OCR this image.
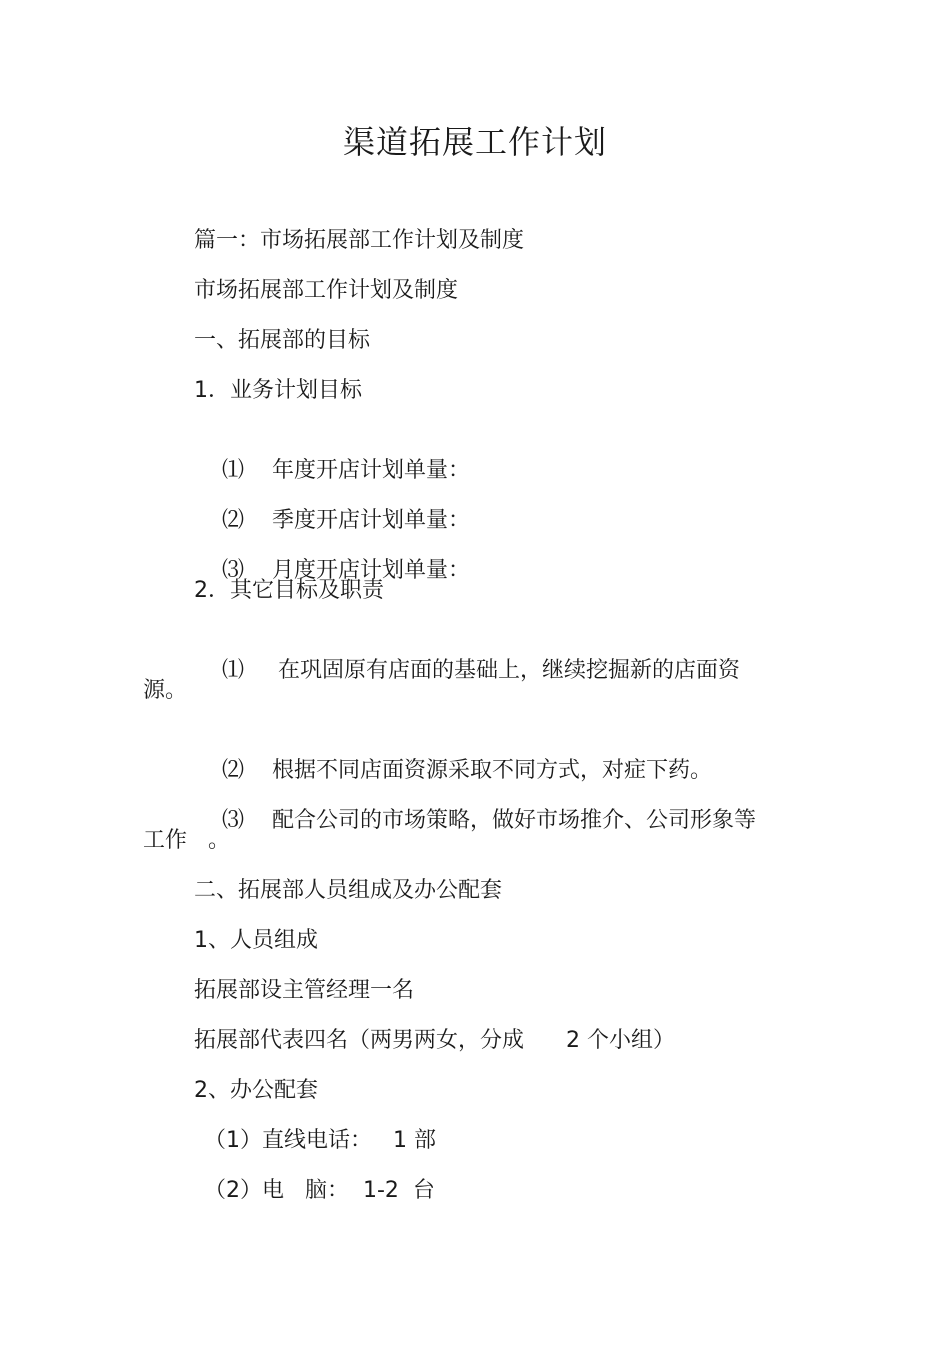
渠道拓展工作计划

篇一：市场拓展部工作计划及制度

市场拓展部工作计划及制度

一、拓展部的目标

1．业务计划目标

⑴ 年度开店计划单量：

⑵ 季度开店计划单量：

⑶ 月度开店计划单量：

2．其它目标及职责

⑴ 在巩固原有店面的基础上，继续挖掘新的店面资

源。

⑵ 根据不同店面资源采取不同方式，对症下药。

⑶ 配合公司的市场策略，做好市场推介、公司形象等

工作   。

二、拓展部人员组成及办公配套

1、人员组成

拓展部设主管经理一名

拓展部代表四名（两男两女，分成      2 个小组）

2、办公配套

（1）直线电话：   1 部

（2）电   脑：  1-2  台
